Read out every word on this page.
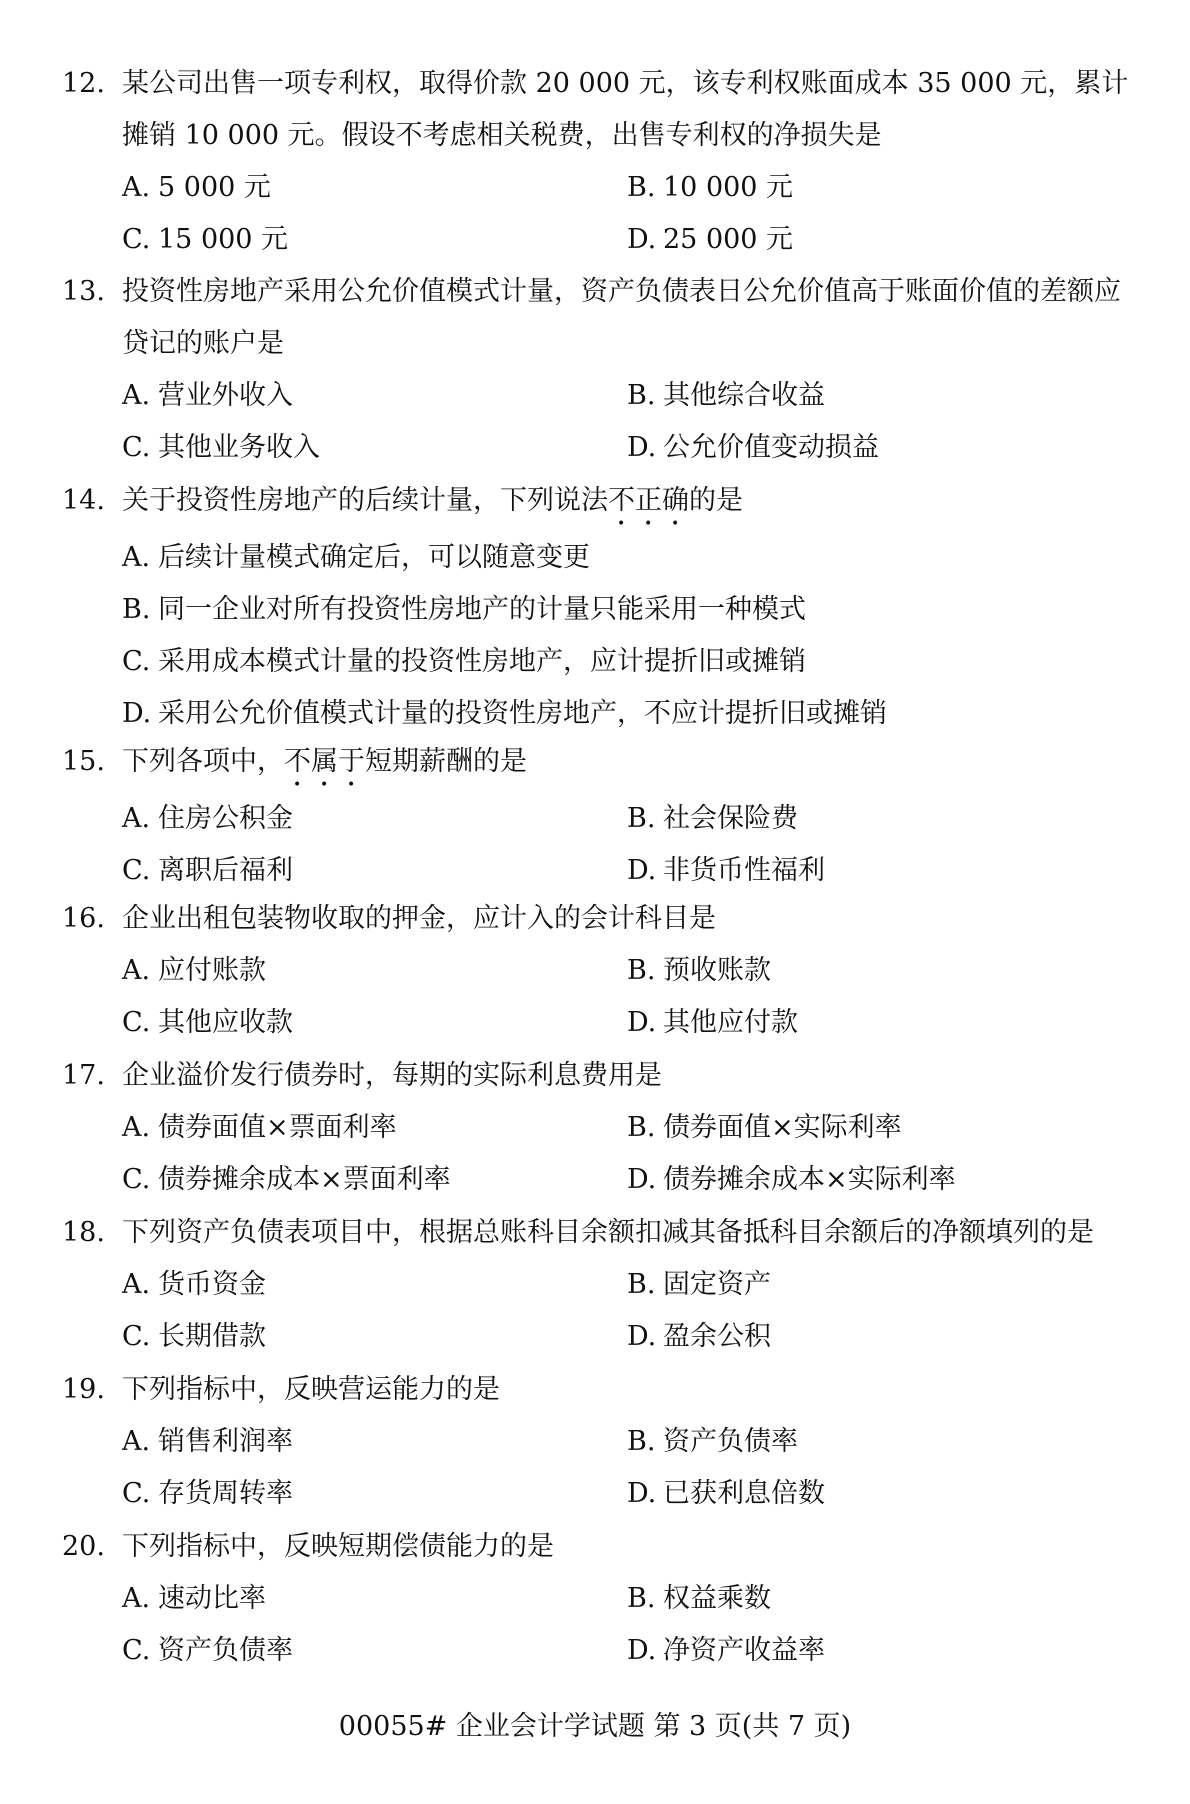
12. 某公司出售一项专利权，取得价款 20 000 元，该专利权账面成本 35 000 元，累计摊销 10 000 元。假设不考虑相关税费，出售专利权的净损失是
A. 5 000 元	B. 10 000 元
C. 15 000 元	D. 25 000 元
13. 投资性房地产采用公允价值模式计量，资产负债表日公允价值高于账面价值的差额应贷记的账户是
A. 营业外收入	B. 其他综合收益
C. 其他业务收入	D. 公允价值变动损益
14. 关于投资性房地产的后续计量，下列说法不正确的是
A. 后续计量模式确定后，可以随意变更
B. 同一企业对所有投资性房地产的计量只能采用一种模式
C. 采用成本模式计量的投资性房地产，应计提折旧或摊销
D. 采用公允价值模式计量的投资性房地产，不应计提折旧或摊销
15. 下列各项中，不属于短期薪酬的是
A. 住房公积金	B. 社会保险费
C. 离职后福利	D. 非货币性福利
16. 企业出租包装物收取的押金，应计入的会计科目是
A. 应付账款	B. 预收账款
C. 其他应收款	D. 其他应付款
17. 企业溢价发行债券时，每期的实际利息费用是
A. 债券面值×票面利率	B. 债券面值×实际利率
C. 债券摊余成本×票面利率	D. 债券摊余成本×实际利率
18. 下列资产负债表项目中，根据总账科目余额扣减其备抵科目余额后的净额填列的是
A. 货币资金	B. 固定资产
C. 长期借款	D. 盈余公积
19. 下列指标中，反映营运能力的是
A. 销售利润率	B. 资产负债率
C. 存货周转率	D. 已获利息倍数
20. 下列指标中，反映短期偿债能力的是
A. 速动比率	B. 权益乘数
C. 资产负债率	D. 净资产收益率
00055# 企业会计学试题 第 3 页(共 7 页)
